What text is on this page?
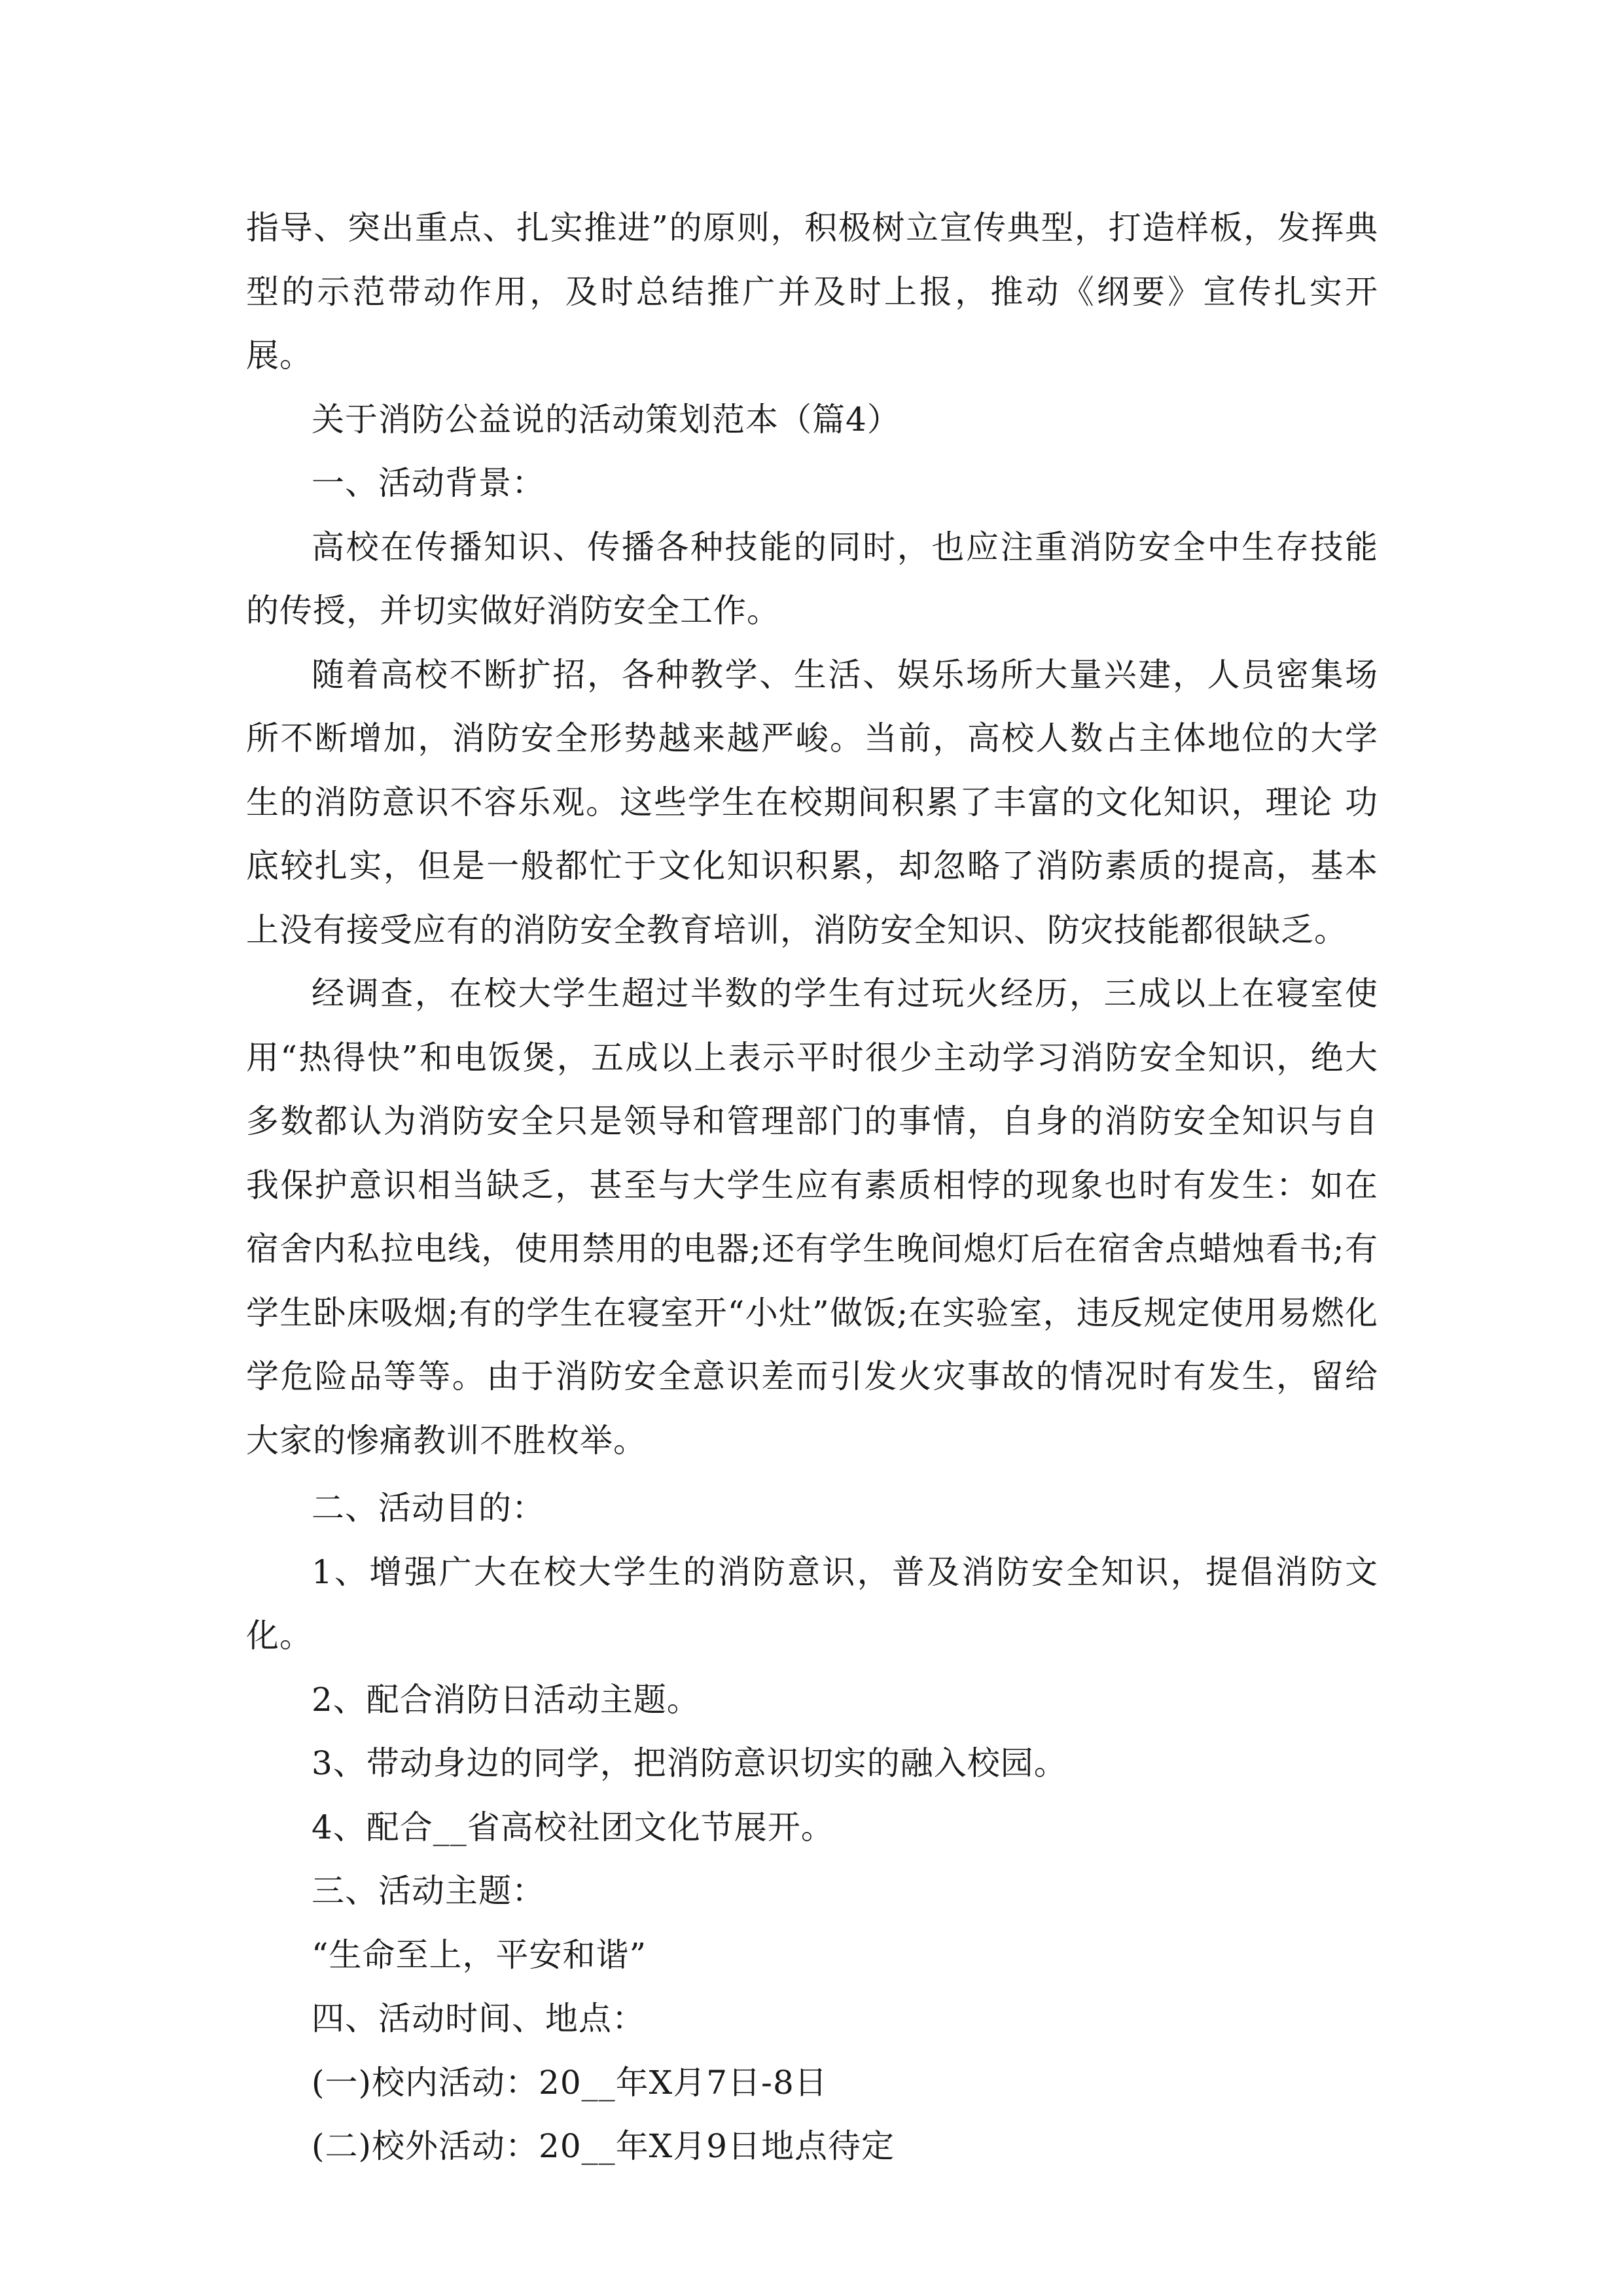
指导、突出重点、扎实推进”的原则，积极树立宣传典型，打造样板，发挥典型的示范带动作用，及时总结推广并及时上报，推动《纲要》宣传扎实开展。

关于消防公益说的活动策划范本（篇4）

一、活动背景：

高校在传播知识、传播各种技能的同时，也应注重消防安全中生存技能的传授，并切实做好消防安全工作。

随着高校不断扩招，各种教学、生活、娱乐场所大量兴建，人员密集场所不断增加，消防安全形势越来越严峻。当前，高校人数占主体地位的大学生的消防意识不容乐观。这些学生在校期间积累了丰富的文化知识，理论 功底较扎实，但是一般都忙于文化知识积累，却忽略了消防素质的提高，基本上没有接受应有的消防安全教育培训，消防安全知识、防灾技能都很缺乏。

经调查，在校大学生超过半数的学生有过玩火经历，三成以上在寝室使用“热得快”和电饭煲，五成以上表示平时很少主动学习消防安全知识，绝大多数都认为消防安全只是领导和管理部门的事情，自身的消防安全知识与自我保护意识相当缺乏，甚至与大学生应有素质相悖的现象也时有发生：如在宿舍内私拉电线，使用禁用的电器;还有学生晚间熄灯后在宿舍点蜡烛看书;有学生卧床吸烟;有的学生在寝室开“小灶”做饭;在实验室，违反规定使用易燃化学危险品等等。由于消防安全意识差而引发火灾事故的情况时有发生，留给大家的惨痛教训不胜枚举。

二、活动目的：

1、增强广大在校大学生的消防意识，普及消防安全知识，提倡消防文化。

2、配合消防日活动主题。

3、带动身边的同学，把消防意识切实的融入校园。

4、配合__省高校社团文化节展开。

三、活动主题：

“生命至上，平安和谐”

四、活动时间、地点：

(一)校内活动：20__年X月7日-8日

(二)校外活动：20__年X月9日地点待定
